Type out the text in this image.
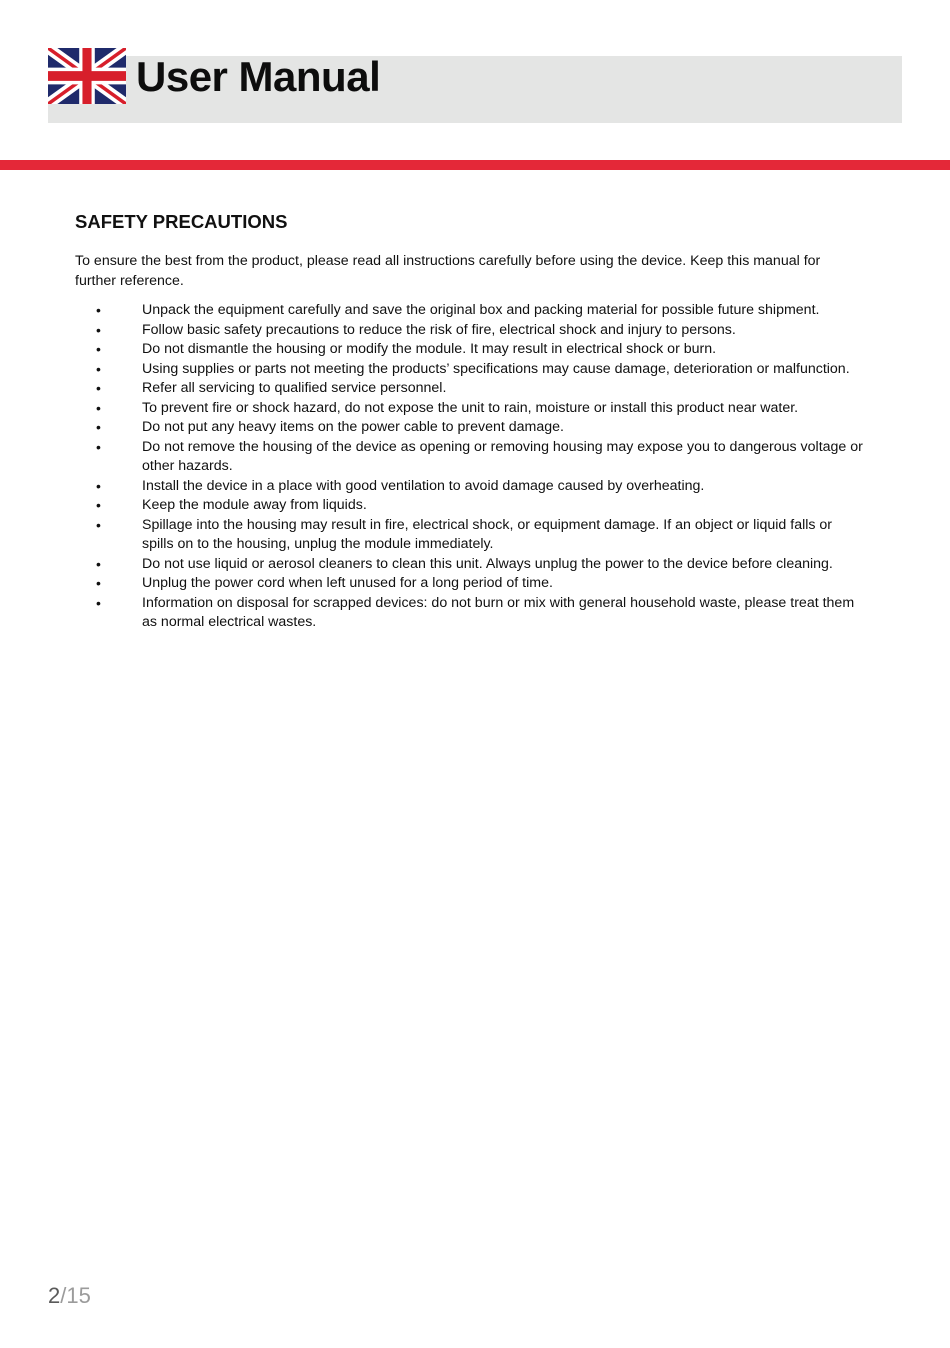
User Manual
SAFETY PRECAUTIONS

To ensure the best from the product, please read all instructions carefully before using the device. Keep this manual for further reference.

•	Unpack the equipment carefully and save the original box and packing material for possible future shipment.
•	Follow basic safety precautions to reduce the risk of fire, electrical shock and injury to persons.
•	Do not dismantle the housing or modify the module. It may result in electrical shock or burn.
•	Using supplies or parts not meeting the products’ specifications may cause damage, deterioration or malfunction.
•	Refer all servicing to qualified service personnel.
•	To prevent fire or shock hazard, do not expose the unit to rain, moisture or install this product near water.
•	Do not put any heavy items on the power cable to prevent damage.
•	Do not remove the housing of the device as opening or removing housing may expose you to dangerous voltage or other hazards.
•	Install the device in a place with good ventilation to avoid damage caused by overheating.
•	Keep the module away from liquids.
•	Spillage into the housing may result in fire, electrical shock, or equipment damage. If an object or liquid falls or spills on to the housing, unplug the module immediately.
•	Do not use liquid or aerosol cleaners to clean this unit. Always unplug the power to the device before cleaning.
•	Unplug the power cord when left unused for a long period of time.
•	Information on disposal for scrapped devices: do not burn or mix with general household waste, please treat them as normal electrical wastes.
2/15
